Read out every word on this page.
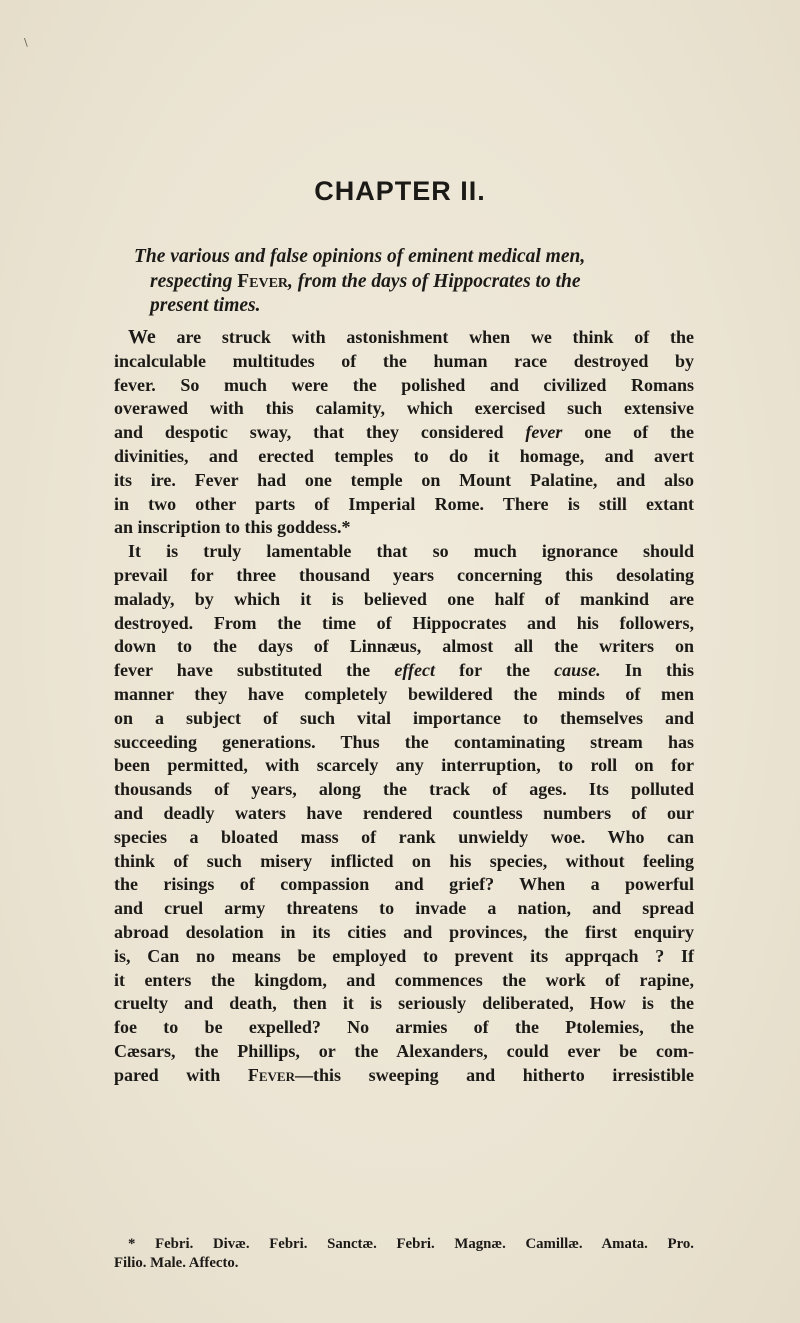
\
CHAPTER II.

The various and false opinions of eminent medical men,
respecting Fever, from the days of Hippocrates to the
present times.

We are struck with astonishment when we think of the
incalculable multitudes of the human race destroyed by
fever. So much were the polished and civilized Romans
overawed with this calamity, which exercised such extensive
and despotic sway, that they considered fever one of the
divinities, and erected temples to do it homage, and avert
its ire. Fever had one temple on Mount Palatine, and also
in two other parts of Imperial Rome. There is still extant
an inscription to this goddess.*
It is truly lamentable that so much ignorance should
prevail for three thousand years concerning this desolating
malady, by which it is believed one half of mankind are
destroyed. From the time of Hippocrates and his followers,
down to the days of Linnæus, almost all the writers on
fever have substituted the effect for the cause. In this
manner they have completely bewildered the minds of men
on a subject of such vital importance to themselves and
succeeding generations. Thus the contaminating stream has
been permitted, with scarcely any interruption, to roll on for
thousands of years, along the track of ages. Its polluted
and deadly waters have rendered countless numbers of our
species a bloated mass of rank unwieldy woe. Who can
think of such misery inflicted on his species, without feeling
the risings of compassion and grief? When a powerful
and cruel army threatens to invade a nation, and spread
abroad desolation in its cities and provinces, the first enquiry
is, Can no means be employed to prevent its apprqach ? If
it enters the kingdom, and commences the work of rapine,
cruelty and death, then it is seriously deliberated, How is the
foe to be expelled? No armies of the Ptolemies, the
Cæsars, the Phillips, or the Alexanders, could ever be com-
pared with Fever—this sweeping and hitherto irresistible
* Febri. Divæ. Febri. Sanctæ. Febri. Magnæ. Camillæ. Amata. Pro.
Filio. Male. Affecto.
